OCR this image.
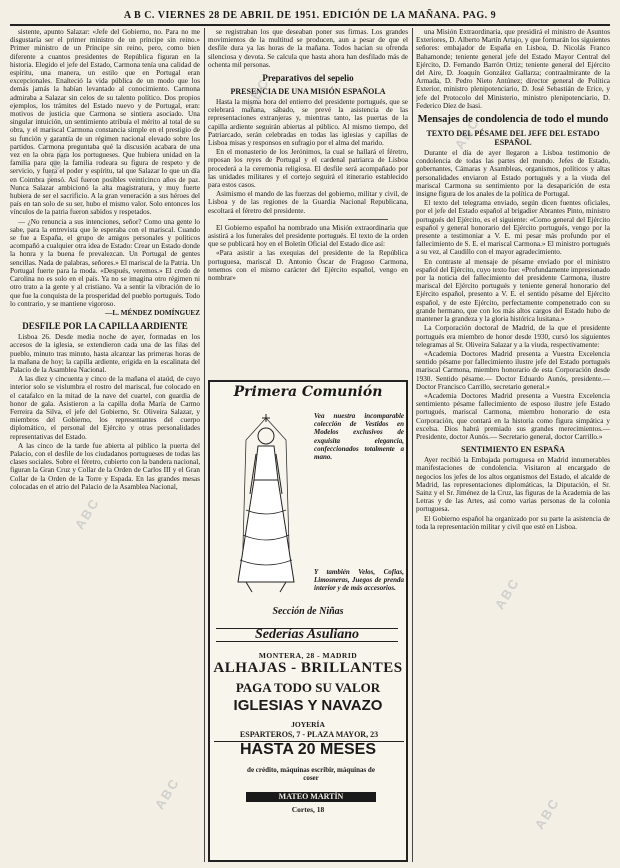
A B C. VIERNES 28 DE ABRIL DE 1951. EDICIÓN DE LA MAÑANA. PAG. 9

sistente, apunto Salazar: «Jefe del Gobierno, no. Para no me disgustaría ser el primer ministro de un príncipe sin reino.» Primer ministro de un Príncipe sin reino, pero, como bien diferente a cuantos presidentes de República figuran en la historia. Elegido el jefe del Estado, Carmona tenía una calidad de espíritu, una manera, un estilo que en Portugal eran excepcionales. Enalteció la vida pública de un modo que los demás jamás la habían levantado al conocimiento. Carmona admiraba a Salazar sin celos de su talento político. Dos propios ejemplos, los trámites del Estado nuevo y de Portugal, eran: motivos de justicia que Carmona se sintiera asociado. Una singular intuición, un sentimiento atribuía el mérito al total de su obra, y el mariscal Carmona constancia simple en el prestigio de su función y garantía de un régimen nacional elevado sobre los partidos. Carmona preguntaba qué la discusión acabara de una vez en la obra para los portugueses. Que hubiera unidad en la familia para que la familia rodeara su figura de respeto y de servicio, y fuera el poder y espíritu, tal que Salazar lo que un día en Coimbra pensó. Así fueron posibles veinticinco años de paz. Nunca Salazar ambicionó la alta magistratura, y muy fuerte hubiera de ser el sacrificio. A la gran veneración a sus héroes del país en tan solo de su ser, hubo el mismo valor. Solo entonces los vínculos de la patria fueron sabidos y respetados.

— ¿No renuncia a sus intenciones, señor? Como una gente lo sabe, para la entrevista que le esperaba con el mariscal. Cuando se fue a España, el grupo de amigos personales y políticos acompañó a cualquier otra idea de Estado: Crear un Estado donde la honra y la buena fe prevalezcan. Un Portugal de gentes sencillas. Nada de palabras, señores.» El mariscal de la Patria. Un Portugal fuerte para la moda. «Después, veremos.» El credo de Carolina no es solo en el país. Ya no se imagina otro régimen ni otro trato a la gente y al cristiano. Va a sentir la vibración de lo que fue la conquista de la prosperidad del pueblo portugués. Todo lo contrario, y se mantiene vigoroso.

—L. MÉNDEZ DOMÍNGUEZ

DESFILE POR LA CAPILLA ARDIENTE

Lisboa 26. Desde media noche de ayer, formadas en los accesos de la iglesia, se extendieron cada una de las filas del pueblo, minuto tras minuto, hasta alcanzar las primeras horas de la mañana de hoy; la capilla ardiente, erigida en la escalinata del Palacio de la Asamblea Nacional.

A las diez y cincuenta y cinco de la mañana el ataúd, de cuyo interior solo se vislumbra el rostro del mariscal, fue colocado en el catafalco en la mitad de la nave del cuartel, con guardia de honor de gala. Asistieron a la capilla doña María de Carmo Ferreira da Silva, el jefe del Gobierno, Sr. Oliveira Salazar, y miembros del Gobierno, los representantes del cuerpo diplomático, el personal del Ejército y otras personalidades representativas del Estado.

A las cinco de la tarde fue abierta al público la puerta del Palacio, con el desfile de los ciudadanos portugueses de todas las clases sociales. Sobre el féretro, cubierto con la bandera nacional, figuran la Gran Cruz y Collar de la Orden de Carlos III y el Gran Collar de la Orden de la Torre y Espada. En las grandes mesas colocadas en el atrio del Palacio de la Asamblea Nacional,

se registraban los que deseaban poner sus firmas. Los grandes movimientos de la multitud se producen, aun a pesar de que el desfile dura ya las horas de la mañana. Todos hacían su ofrenda silenciosa y devota. Se calcula que hasta ahora han desfilado más de ochenta mil personas.

Preparativos del sepelio
PRESENCIA DE UNA MISIÓN ESPAÑOLA

Hasta la misma hora del entierro del presidente portugués, que se celebrará mañana, sábado, se prevé la asistencia de las representaciones extranjeras y, mientras tanto, las puertas de la capilla ardiente seguirán abiertas al público. Al mismo tiempo, del Patriarcado, serán celebradas en todas las iglesias y capillas de Lisboa misas y responsos en sufragio por el alma del marido.

En el monasterio de los Jerónimos, la cual se hallará el féretro, reposan los reyes de Portugal y el cardenal patriarca de Lisboa procederá a la ceremonia religiosa. El desfile será acompañado por las unidades militares y el cortejo seguirá el itinerario establecido para estos casos.

Asimismo el mando de las fuerzas del gobierno, militar y civil, de Lisboa y de las regiones de la Guardia Nacional Republicana, escoltará el féretro del presidente.

El Gobierno español ha nombrado una Misión extraordinaria que asistirá a los funerales del presidente portugués. El texto de la orden que se publicará hoy en el Boletín Oficial del Estado dice así:

«Para asistir a las exequias del presidente de la República portuguesa, mariscal D. Antonio Óscar de Fragoso Carmona, tenemos con el mismo carácter del Ejército español, vengo en nombrar»

Primera Comunión
Vea nuestra incomparable colección de Vestidos en Modelos exclusivos de exquisita elegancia, confeccionados totalmente a mano.
Y también Velos, Cofias, Limosneras, Juegos de prenda interior y de más accesorios.
Sección de Niñas
Sederías Asuliano
MONTERA, 28 - MADRID
ALHAJAS - BRILLANTES
PAGA TODO SU VALOR
IGLESIAS Y NAVAZO
JOYERÍA
ESPARTEROS, 7 - PLAZA MAYOR, 23
HASTA 20 MESES
de crédito, máquinas escribir, máquinas de coser
MATEO MARTÍN
Cortes, 18

una Misión Extraordinaria, que presidirá el ministro de Asuntos Exteriores, D. Alberto Martín Artajo, y que formarán los siguientes señores: embajador de España en Lisboa, D. Nicolás Franco Bahamonde; teniente general jefe del Estado Mayor Central del Ejército, D. Fernando Barrón Ortiz; teniente general del Ejército del Aire, D. Joaquín González Gallarza; contraalmirante de la Armada, D. Pedro Nieto Antúnez; director general de Política Exterior, ministro plenipotenciario, D. José Sebastián de Erice, y jefe del Protocolo del Ministerio, ministro plenipotenciario, D. Federico Díez de Isasi.

Mensajes de condolencia de todo el mundo
TEXTO DEL PÉSAME DEL JEFE DEL ESTADO ESPAÑOL

Durante el día de ayer llegaron a Lisboa testimonio de condolencia de todas las partes del mundo. Jefes de Estado, gobernantes, Cámaras y Asambleas, organismos, políticos y altas personalidades enviaron al Estado portugués y a la viuda del mariscal Carmona su sentimiento por la desaparición de esta insigne figura de los anales de la política de Portugal.

El texto del telegrama enviado, según dicen fuentes oficiales, por el jefe del Estado español al brigadier Abrantes Pinto, ministro portugués del Ejército, es el siguiente: «Como general del Ejército español y general honorario del Ejército portugués, vengo por la presente a testimoniar a V. E. mi pesar más profundo por el fallecimiento de S. E. el mariscal Carmona.» El ministro portugués a su vez, al Caudillo con el mayor agradecimiento.

En contraste al mensaje de pésame enviado por el ministro español del Ejército, cuyo texto fue: «Profundamente impresionado por la noticia del fallecimiento del presidente Carmona, ilustre mariscal del Ejército portugués y teniente general honorario del Ejército español, presento a V. E. el sentido pésame del Ejército español, y de este Ejército, perfectamente compenetrado con su grande hermano, que con los más altos cargos del Estado hubo de mantener la grandeza y la gloria histórica lusitana.»

La Corporación doctoral de Madrid, de la que el presidente portugués era miembro de honor desde 1930, cursó los siguientes telegramas al Sr. Oliveira Salazar y a la viuda, respectivamente:

«Academia Doctores Madrid presenta a Vuestra Excelencia sentido pésame por fallecimiento ilustre jefe del Estado portugués mariscal Carmona, miembro honorario de esta Corporación desde 1930. Sentido pésame.— Doctor Eduardo Aunós, presidente.— Doctor Francisco Carrillo, secretario general.»

«Academia Doctores Madrid presenta a Vuestra Excelencia sentimiento pésame fallecimiento de esposo ilustre jefe Estado portugués, mariscal Carmona, miembro honorario de esta Corporación, que contará en la historia como figura simpática y excelsa. Dios habrá premiado sus grandes merecimientos.— Presidente, doctor Aunós.— Secretario general, doctor Carrillo.»

SENTIMIENTO EN ESPAÑA

Ayer recibió la Embajada portuguesa en Madrid innumerables manifestaciones de condolencia. Visitaron al encargado de negocios los jefes de los altos organismos del Estado, el alcalde de Madrid, las representaciones diplomáticas, la Diputación, el Sr. Sainz y el Sr. Jiménez de la Cruz, las figuras de la Academia de las Letras y de las Artes, así como varias personas de la colonia portuguesa.

El Gobierno español ha organizado por su parte la asistencia de toda la representación militar y civil que esté en Lisboa.

ABC
ABC
ABC
ABC
ABC
ABC
ABC
